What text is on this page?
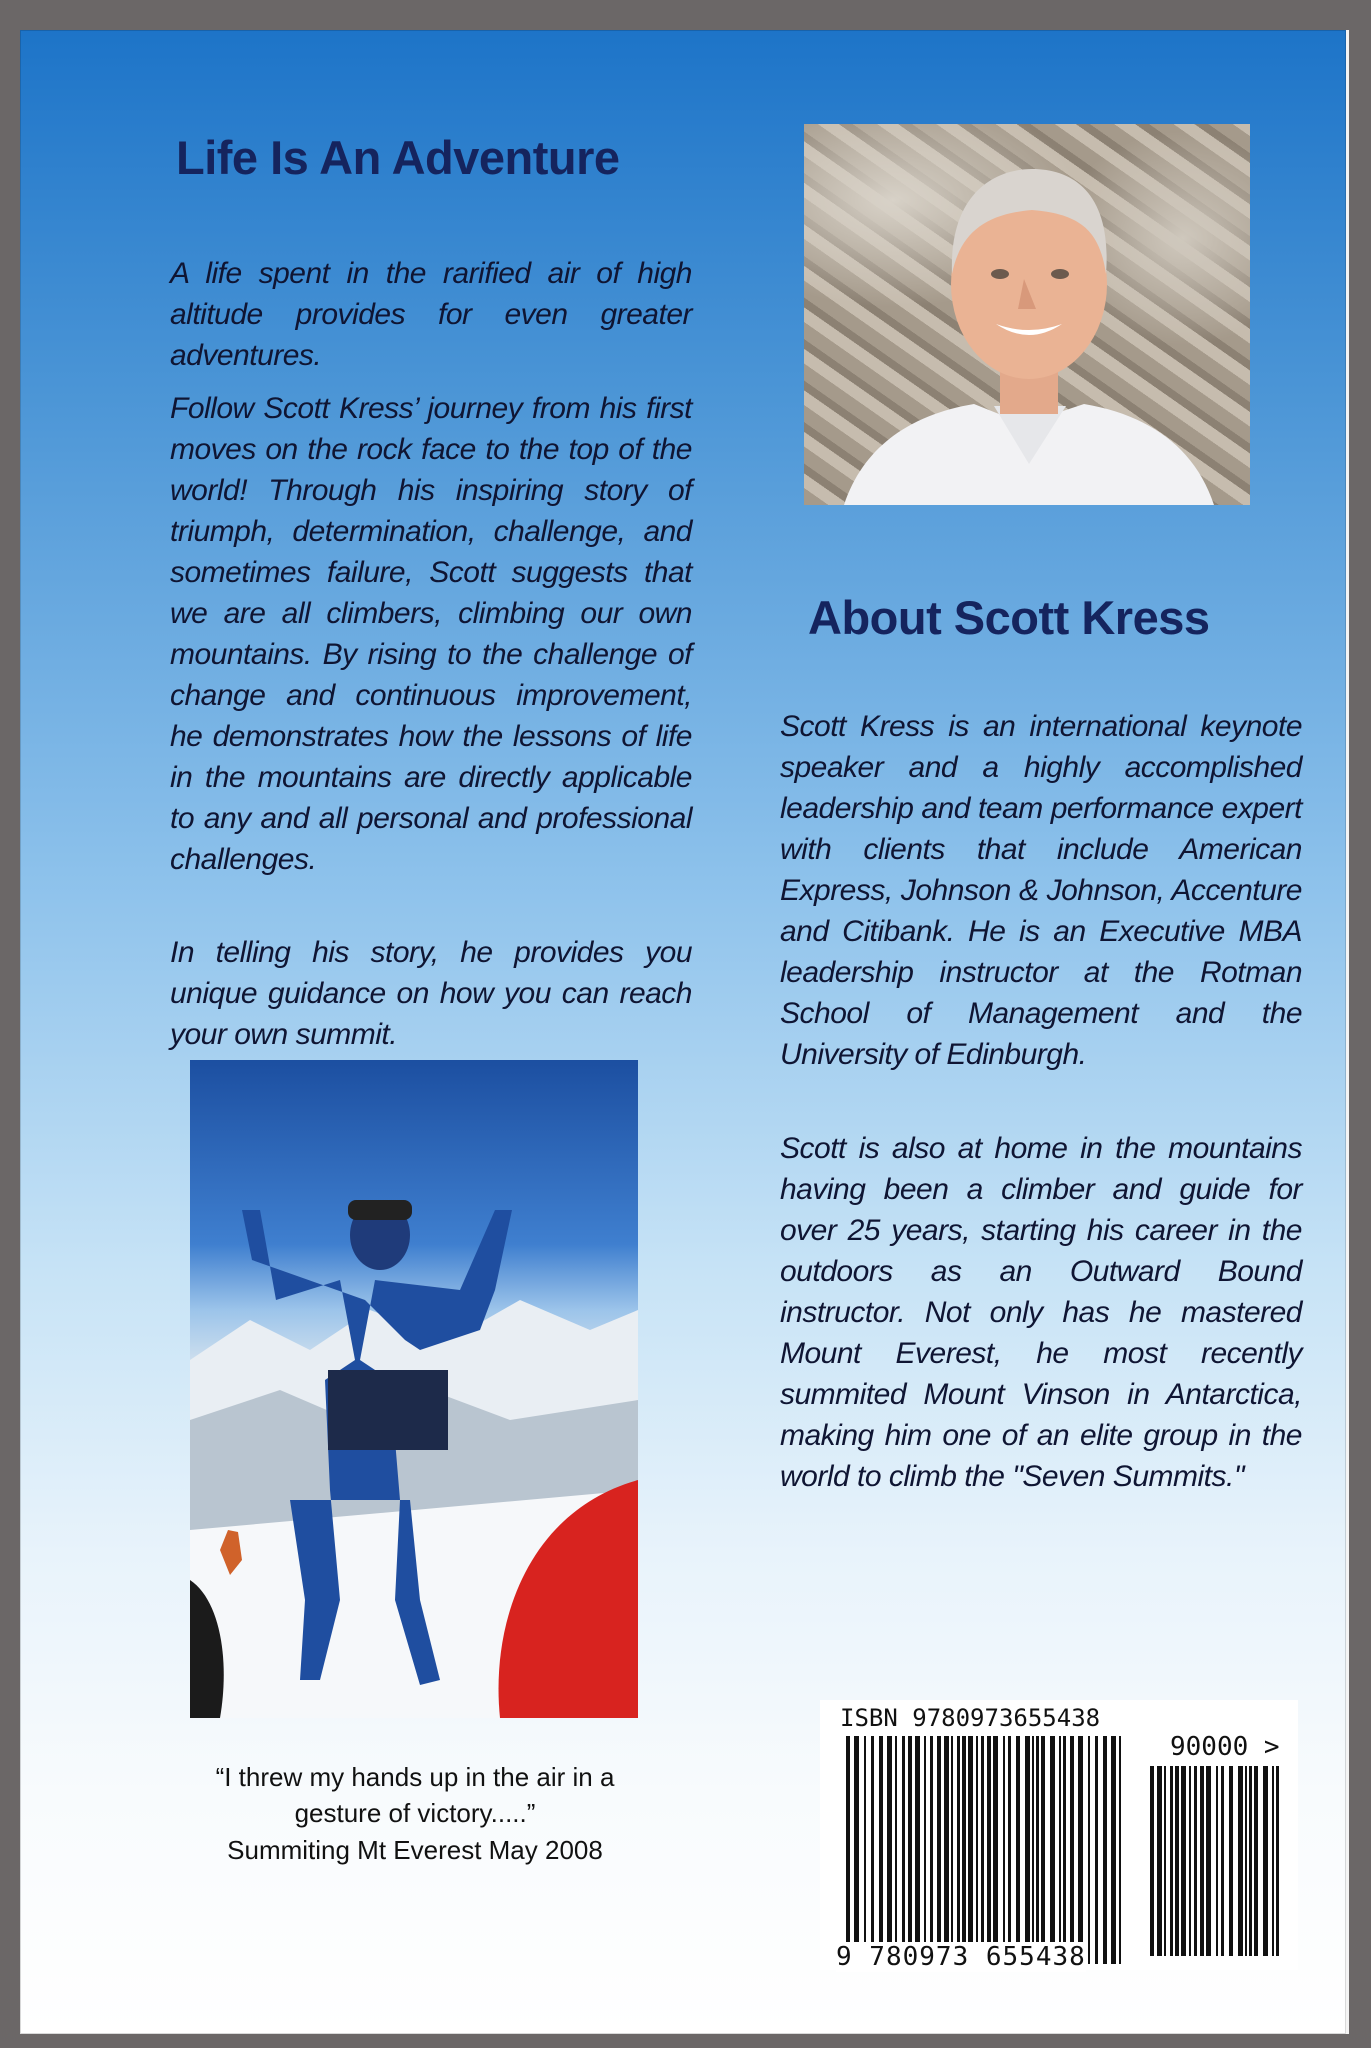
Life Is An Adventure

A life spent in the rarified air of high altitude provides for even greater adventures.

Follow Scott Kress’ journey from his first moves on the rock face to the top of the world! Through his inspiring story of triumph, determination, challenge, and sometimes failure, Scott suggests that we are all climbers, climbing our own mountains. By rising to the challenge of change and continuous improvement, he demonstrates how the lessons of life in the mountains are directly applicable to any and all personal and professional challenges.

In telling his story, he provides you unique guidance on how you can reach your own summit.

About Scott Kress

Scott Kress is an international keynote speaker and a highly accomplished leadership and team performance expert with clients that include American Express, Johnson & Johnson, Accenture and Citibank. He is an Executive MBA leadership instructor at the Rotman School of Management and the University of Edinburgh.

Scott is also at home in the mountains having been a climber and guide for over 25 years, starting his career in the outdoors as an Outward Bound instructor. Not only has he mastered Mount Everest, he most recently summited Mount Vinson in Antarctica, making him one of an elite group in the world to climb the "Seven Summits."

“I threw my hands up in the air in a

gesture of victory.....”

Summiting Mt Everest May 2008

ISBN 9780973655438
90000 >
9 780973 655438
